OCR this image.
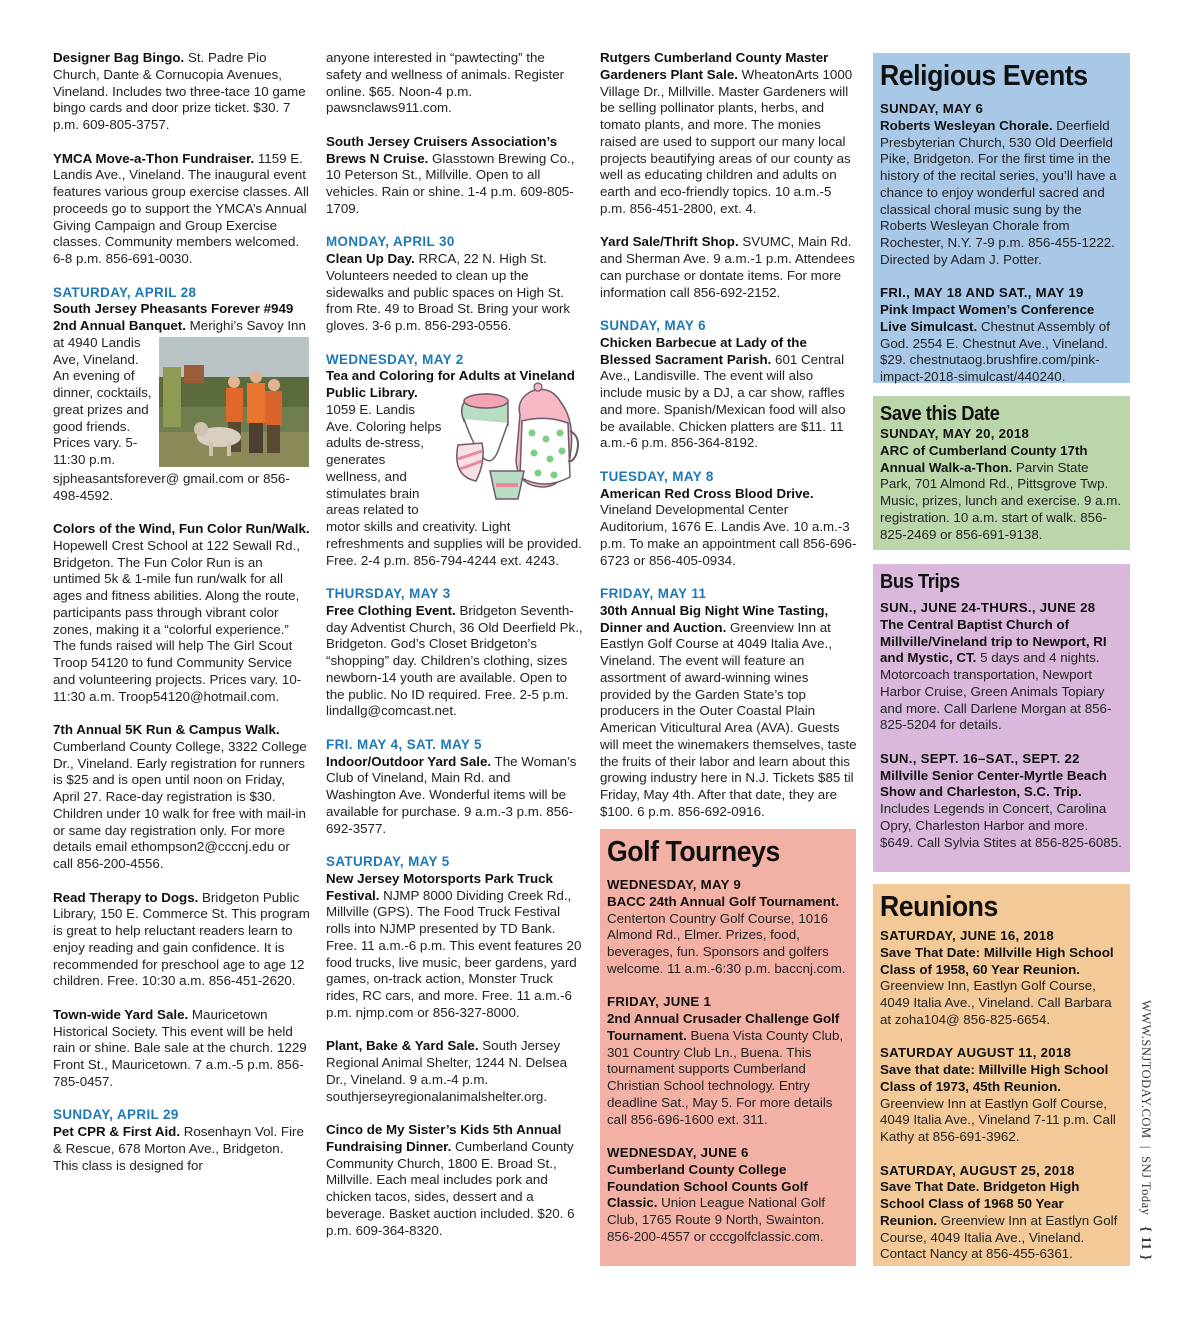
Designer Bag Bingo. St. Padre Pio Church, Dante & Cornucopia Avenues, Vineland. Includes two three-tace 10 game bingo cards and door prize ticket. $30. 7 p.m. 609-805-3757.
YMCA Move-a-Thon Fundraiser. 1159 E. Landis Ave., Vineland. The inaugural event features various group exercise classes. All proceeds go to support the YMCA’s Annual Giving Campaign and Group Exercise classes. Community members welcomed. 6-8 p.m. 856-691-0030.
SATURDAY, APRIL 28
South Jersey Pheasants Forever #949 2nd Annual Banquet.
Merighi’s Savoy Inn at 4940 Landis Ave, Vineland. An evening of dinner, cocktails, great prizes and good friends. Prices vary. 5-11:30 p.m. sjpheasantsforever@ gmail.com or 856-498-4592.
Colors of the Wind, Fun Color Run/Walk. Hopewell Crest School at 122 Sewall Rd., Bridgeton. The Fun Color Run is an untimed 5k & 1-mile fun run/walk for all ages and fitness abilities. Along the route, participants pass through vibrant color zones, making it a “colorful experience.” The funds raised will help The Girl Scout Troop 54120 to fund Community Service and volunteering projects. Prices vary. 10-11:30 a.m. Troop54120@hotmail.com.
7th Annual 5K Run & Campus Walk. Cumberland County College, 3322 College Dr., Vineland. Early registration for runners is $25 and is open until noon on Friday, April 27. Race-day registration is $30. Children under 10 walk for free with mail-in or same day registration only. For more details email ethompson2@cccnj.edu or call 856-200-4556.
Read Therapy to Dogs. Bridgeton Public Library, 150 E. Commerce St. This program is great to help reluctant readers learn to enjoy reading and gain confidence. It is recommended for preschool age to age 12 children. Free. 10:30 a.m. 856-451-2620.
Town-wide Yard Sale. Mauricetown Historical Society. This event will be held rain or shine. Bale sale at the church. 1229 Front St., Mauricetown. 7 a.m.-5 p.m. 856-785-0457.
SUNDAY, APRIL 29
Pet CPR & First Aid. Rosenhayn Vol. Fire & Rescue, 678 Morton Ave., Bridgeton. This class is designed for
anyone interested in “pawtecting” the safety and wellness of animals. Register online. $65. Noon-4 p.m. pawsnclaws911.com.
South Jersey Cruisers Association’s Brews N Cruise. Glasstown Brewing Co., 10 Peterson St., Millville. Open to all vehicles. Rain or shine. 1-4 p.m. 609-805-1709.
MONDAY, APRIL 30
Clean Up Day. RRCA, 22 N. High St. Volunteers needed to clean up the sidewalks and public spaces on High St. from Rte. 49 to Broad St. Bring your work gloves. 3-6 p.m. 856-293-0556.
WEDNESDAY, MAY 2
Tea and Coloring for Adults at Vineland Public Library.
1059 E. Landis Ave. Coloring helps adults de-stress, generates wellness, and stimulates brain areas related to motor skills and creativity. Light refreshments and supplies will be provided. Free. 2-4 p.m. 856-794-4244 ext. 4243.
THURSDAY, MAY 3
Free Clothing Event. Bridgeton Seventh-day Adventist Church, 36 Old Deerfield Pk., Bridgeton. God’s Closet Bridgeton’s “shopping” day. Children’s clothing, sizes newborn-14 youth are available. Open to the public. No ID required. Free. 2-5 p.m. lindallg@comcast.net.
FRI. MAY 4, SAT. MAY 5
Indoor/Outdoor Yard Sale. The Woman’s Club of Vineland, Main Rd. and Washington Ave. Wonderful items will be available for purchase. 9 a.m.-3 p.m. 856-692-3577.
SATURDAY, MAY 5
New Jersey Motorsports Park Truck Festival. NJMP 8000 Dividing Creek Rd., Millville (GPS). The Food Truck Festival rolls into NJMP presented by TD Bank. Free. 11 a.m.-6 p.m. This event features 20 food trucks, live music, beer gardens, yard games, on-track action, Monster Truck rides, RC cars, and more. Free. 11 a.m.-6 p.m. njmp.com or 856-327-8000.
Plant, Bake & Yard Sale. South Jersey Regional Animal Shelter, 1244 N. Delsea Dr., Vineland. 9 a.m.-4 p.m. southjerseyregionalanimalshelter.org.
Cinco de My Sister’s Kids 5th Annual Fundraising Dinner. Cumberland County Community Church, 1800 E. Broad St., Millville. Each meal includes pork and chicken tacos, sides, dessert and a beverage. Basket auction included. $20. 6 p.m. 609-364-8320.
Rutgers Cumberland County Master Gardeners Plant Sale. WheatonArts 1000 Village Dr., Millville. Master Gardeners will be selling pollinator plants, herbs, and tomato plants, and more. The monies raised are used to support our many local projects beautifying areas of our county as well as educating children and adults on earth and eco-friendly topics. 10 a.m.-5 p.m. 856-451-2800, ext. 4.
Yard Sale/Thrift Shop. SVUMC, Main Rd. and Sherman Ave. 9 a.m.-1 p.m. Attendees can purchase or dontate items. For more information call 856-692-2152.
SUNDAY, MAY 6
Chicken Barbecue at Lady of the Blessed Sacrament Parish. 601 Central Ave., Landisville. The event will also include music by a DJ, a car show, raffles and more. Spanish/Mexican food will also be available. Chicken platters are $11. 11 a.m.-6 p.m. 856-364-8192.
TUESDAY, MAY 8
American Red Cross Blood Drive. Vineland Developmental Center Auditorium, 1676 E. Landis Ave. 10 a.m.-3 p.m. To make an appointment call 856-696-6723 or 856-405-0934.
FRIDAY, MAY 11
30th Annual Big Night Wine Tasting, Dinner and Auction. Greenview Inn at Eastlyn Golf Course at 4049 Italia Ave., Vineland. The event will feature an assortment of award-winning wines provided by the Garden State’s top producers in the Outer Coastal Plain American Viticultural Area (AVA). Guests will meet the winemakers themselves, taste the fruits of their labor and learn about this growing industry here in N.J. Tickets $85 til Friday, May 4th. After that date, they are $100. 6 p.m. 856-692-0916.
Golf Tourneys
WEDNESDAY, MAY 9
BACC 24th Annual Golf Tournament. Centerton Country Golf Course, 1016 Almond Rd., Elmer. Prizes, food, beverages, fun. Sponsors and golfers welcome. 11 a.m.-6:30 p.m. baccnj.com.
FRIDAY, JUNE 1
2nd Annual Crusader Challenge Golf Tournament. Buena Vista County Club, 301 Country Club Ln., Buena. This tournament supports Cumberland Christian School technology. Entry deadline Sat., May 5. For more details call 856-696-1600 ext. 311.
WEDNESDAY, JUNE 6
Cumberland County College Foundation School Counts Golf Classic. Union League National Golf Club, 1765 Route 9 North, Swainton. 856-200-4557 or cccgolfclassic.com.
Religious Events
SUNDAY, MAY 6
Roberts Wesleyan Chorale. Deerfield Presbyterian Church, 530 Old Deerfield Pike, Bridgeton. For the first time in the history of the recital series, you’ll have a chance to enjoy wonderful sacred and classical choral music sung by the Roberts Wesleyan Chorale from Rochester, N.Y. 7-9 p.m. 856-455-1222. Directed by Adam J. Potter.
FRI., MAY 18 AND SAT., MAY 19
Pink Impact Women’s Conference Live Simulcast. Chestnut Assembly of God. 2554 E. Chestnut Ave., Vineland. $29. chestnutaog.brushfire.com/pink-impact-2018-simulcast/440240.
Save this Date
SUNDAY, MAY 20, 2018
ARC of Cumberland County 17th Annual Walk-a-Thon. Parvin State Park, 701 Almond Rd., Pittsgrove Twp. Music, prizes, lunch and exercise. 9 a.m. registration. 10 a.m. start of walk. 856-825-2469 or 856-691-9138.
Bus Trips
SUN., JUNE 24-THURS., JUNE 28
The Central Baptist Church of Millville/Vineland trip to Newport, RI and Mystic, CT. 5 days and 4 nights. Motorcoach transportation, Newport Harbor Cruise, Green Animals Topiary and more. Call Darlene Morgan at 856-825-5204 for details.
SUN., SEPT. 16–SAT., SEPT. 22
Millville Senior Center-Myrtle Beach Show and Charleston, S.C. Trip. Includes Legends in Concert, Carolina Opry, Charleston Harbor and more. $649. Call Sylvia Stites at 856-825-6085.
Reunions
SATURDAY, JUNE 16, 2018
Save That Date: Millville High School Class of 1958, 60 Year Reunion. Greenview Inn, Eastlyn Golf Course, 4049 Italia Ave., Vineland. Call Barbara at zoha104@ 856-825-6654.
SATURDAY AUGUST 11, 2018
Save that date: Millville High School Class of 1973, 45th Reunion. Greenview Inn at Eastlyn Golf Course, 4049 Italia Ave., Vineland 7-11 p.m. Call Kathy at 856-691-3962.
SATURDAY, AUGUST 25, 2018
Save That Date. Bridgeton High School Class of 1968 50 Year Reunion. Greenview Inn at Eastlyn Golf Course, 4049 Italia Ave., Vineland. Contact Nancy at 856-455-6361.
WWW.SNJTODAY.COM  |  SNJ Today   { 11 }
